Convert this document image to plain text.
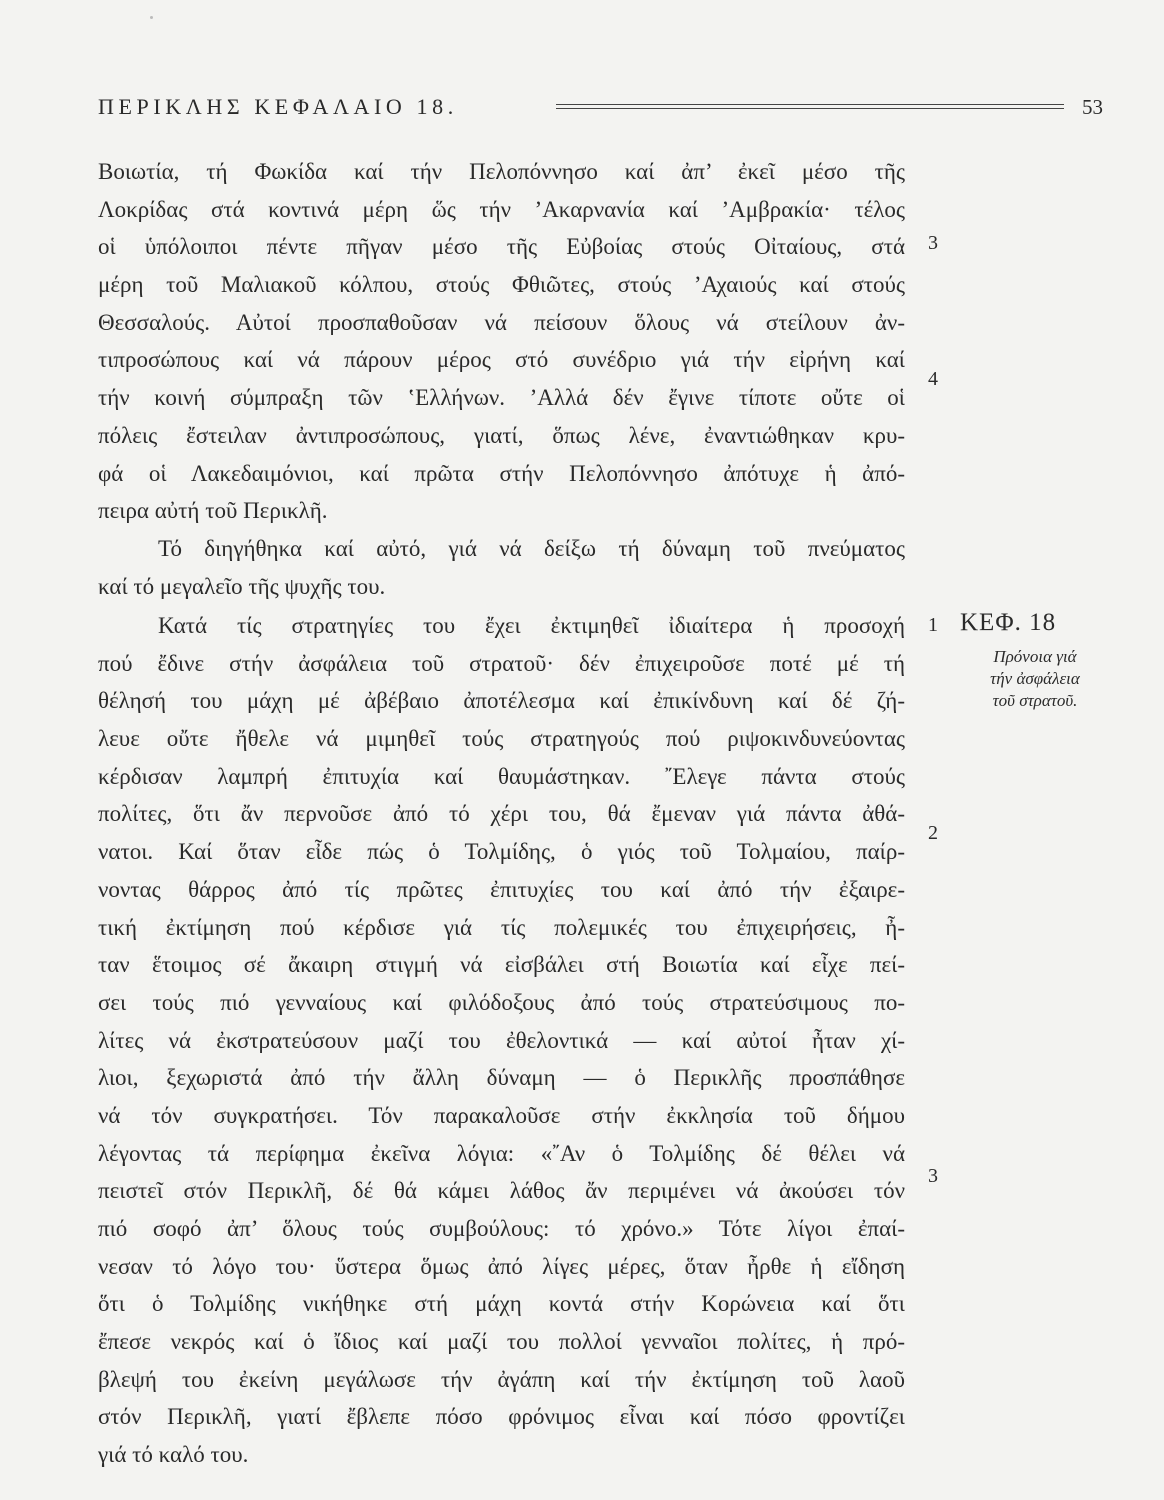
ΠΕΡΙΚΛΗΣ ΚΕΦΑΛΑΙΟ 18.	53
Βοιωτία, τή Φωκίδα καί τήν Πελοπόννησο καί ἀπ’ ἐκεῖ μέσο τῆς
Λοκρίδας στά κοντινά μέρη ὥς τήν ’Ακαρνανία καί ’Αμβρακία· τέλος
οἱ ὑπόλοιποι πέντε πῆγαν μέσο τῆς Εὐβοίας στούς Οἰταίους, στά
μέρη τοῦ Μαλιακοῦ κόλπου, στούς Φθιῶτες, στούς ’Αχαιούς καί στούς
Θεσσαλούς. Αὐτοί προσπαθοῦσαν νά πείσουν ὅλους νά στείλουν ἀν-
τιπροσώπους καί νά πάρουν μέρος στό συνέδριο γιά τήν εἰρήνη καί
τήν κοινή σύμπραξη τῶν ‛Ελλήνων. ’Αλλά δέν ἔγινε τίποτε οὔτε οἱ
πόλεις ἔστειλαν ἀντιπροσώπους, γιατί, ὅπως λένε, ἐναντιώθηκαν κρυ-
φά οἱ Λακεδαιμόνιοι, καί πρῶτα στήν Πελοπόννησο ἀπότυχε ἡ ἀπό-
πειρα αὐτή τοῦ Περικλῆ.
Τό διηγήθηκα καί αὐτό, γιά νά δείξω τή δύναμη τοῦ πνεύματος
καί τό μεγαλεῖο τῆς ψυχῆς του.
3
4
Κατά τίς στρατηγίες του ἔχει ἐκτιμηθεῖ ἰδιαίτερα ἡ προσοχή
πού ἔδινε στήν ἀσφάλεια τοῦ στρατοῦ· δέν ἐπιχειροῦσε ποτέ μέ τή
θέλησή του μάχη μέ ἀβέβαιο ἀποτέλεσμα καί ἐπικίνδυνη καί δέ ζή-
λευε οὔτε ἤθελε νά μιμηθεῖ τούς στρατηγούς πού ριψοκινδυνεύοντας
κέρδισαν λαμπρή ἐπιτυχία καί θαυμάστηκαν. ῎Ελεγε πάντα στούς
πολίτες, ὅτι ἄν περνοῦσε ἀπό τό χέρι του, θά ἔμεναν γιά πάντα ἀθά-
νατοι. Καί ὅταν εἶδε πώς ὁ Τολμίδης, ὁ γιός τοῦ Τολμαίου, παίρ-
νοντας θάρρος ἀπό τίς πρῶτες ἐπιτυχίες του καί ἀπό τήν ἐξαιρε-
τική ἐκτίμηση πού κέρδισε γιά τίς πολεμικές του ἐπιχειρήσεις, ἦ-
ταν ἕτοιμος σέ ἄκαιρη στιγμή νά εἰσβάλει στή Βοιωτία καί εἶχε πεί-
σει τούς πιό γενναίους καί φιλόδοξους ἀπό τούς στρατεύσιμους πο-
λίτες νά ἐκστρατεύσουν μαζί του ἐθελοντικά — καί αὐτοί ἦταν χί-
λιοι, ξεχωριστά ἀπό τήν ἄλλη δύναμη — ὁ Περικλῆς προσπάθησε
νά τόν συγκρατήσει. Τόν παρακαλοῦσε στήν ἐκκλησία τοῦ δήμου
λέγοντας τά περίφημα ἐκεῖνα λόγια: «῎Αν ὁ Τολμίδης δέ θέλει νά
πειστεῖ στόν Περικλῆ, δέ θά κάμει λάθος ἄν περιμένει νά ἀκούσει τόν
πιό σοφό ἀπ’ ὅλους τούς συμβούλους: τό χρόνο.» Τότε λίγοι ἐπαί-
νεσαν τό λόγο του· ὕστερα ὅμως ἀπό λίγες μέρες, ὅταν ἦρθε ἡ εἴδηση
ὅτι ὁ Τολμίδης νικήθηκε στή μάχη κοντά στήν Κορώνεια καί ὅτι
ἔπεσε νεκρός καί ὁ ἴδιος καί μαζί του πολλοί γενναῖοι πολίτες, ἡ πρό-
βλεψή του ἐκείνη μεγάλωσε τήν ἀγάπη καί τήν ἐκτίμηση τοῦ λαοῦ
στόν Περικλῆ, γιατί ἔβλεπε πόσο φρόνιμος εἶναι καί πόσο φροντίζει
γιά τό καλό του.
1
2
3
ΚΕΦ. 18
Πρόνοια γιά
τήν ἀσφάλεια
τοῦ στρατοῦ.
